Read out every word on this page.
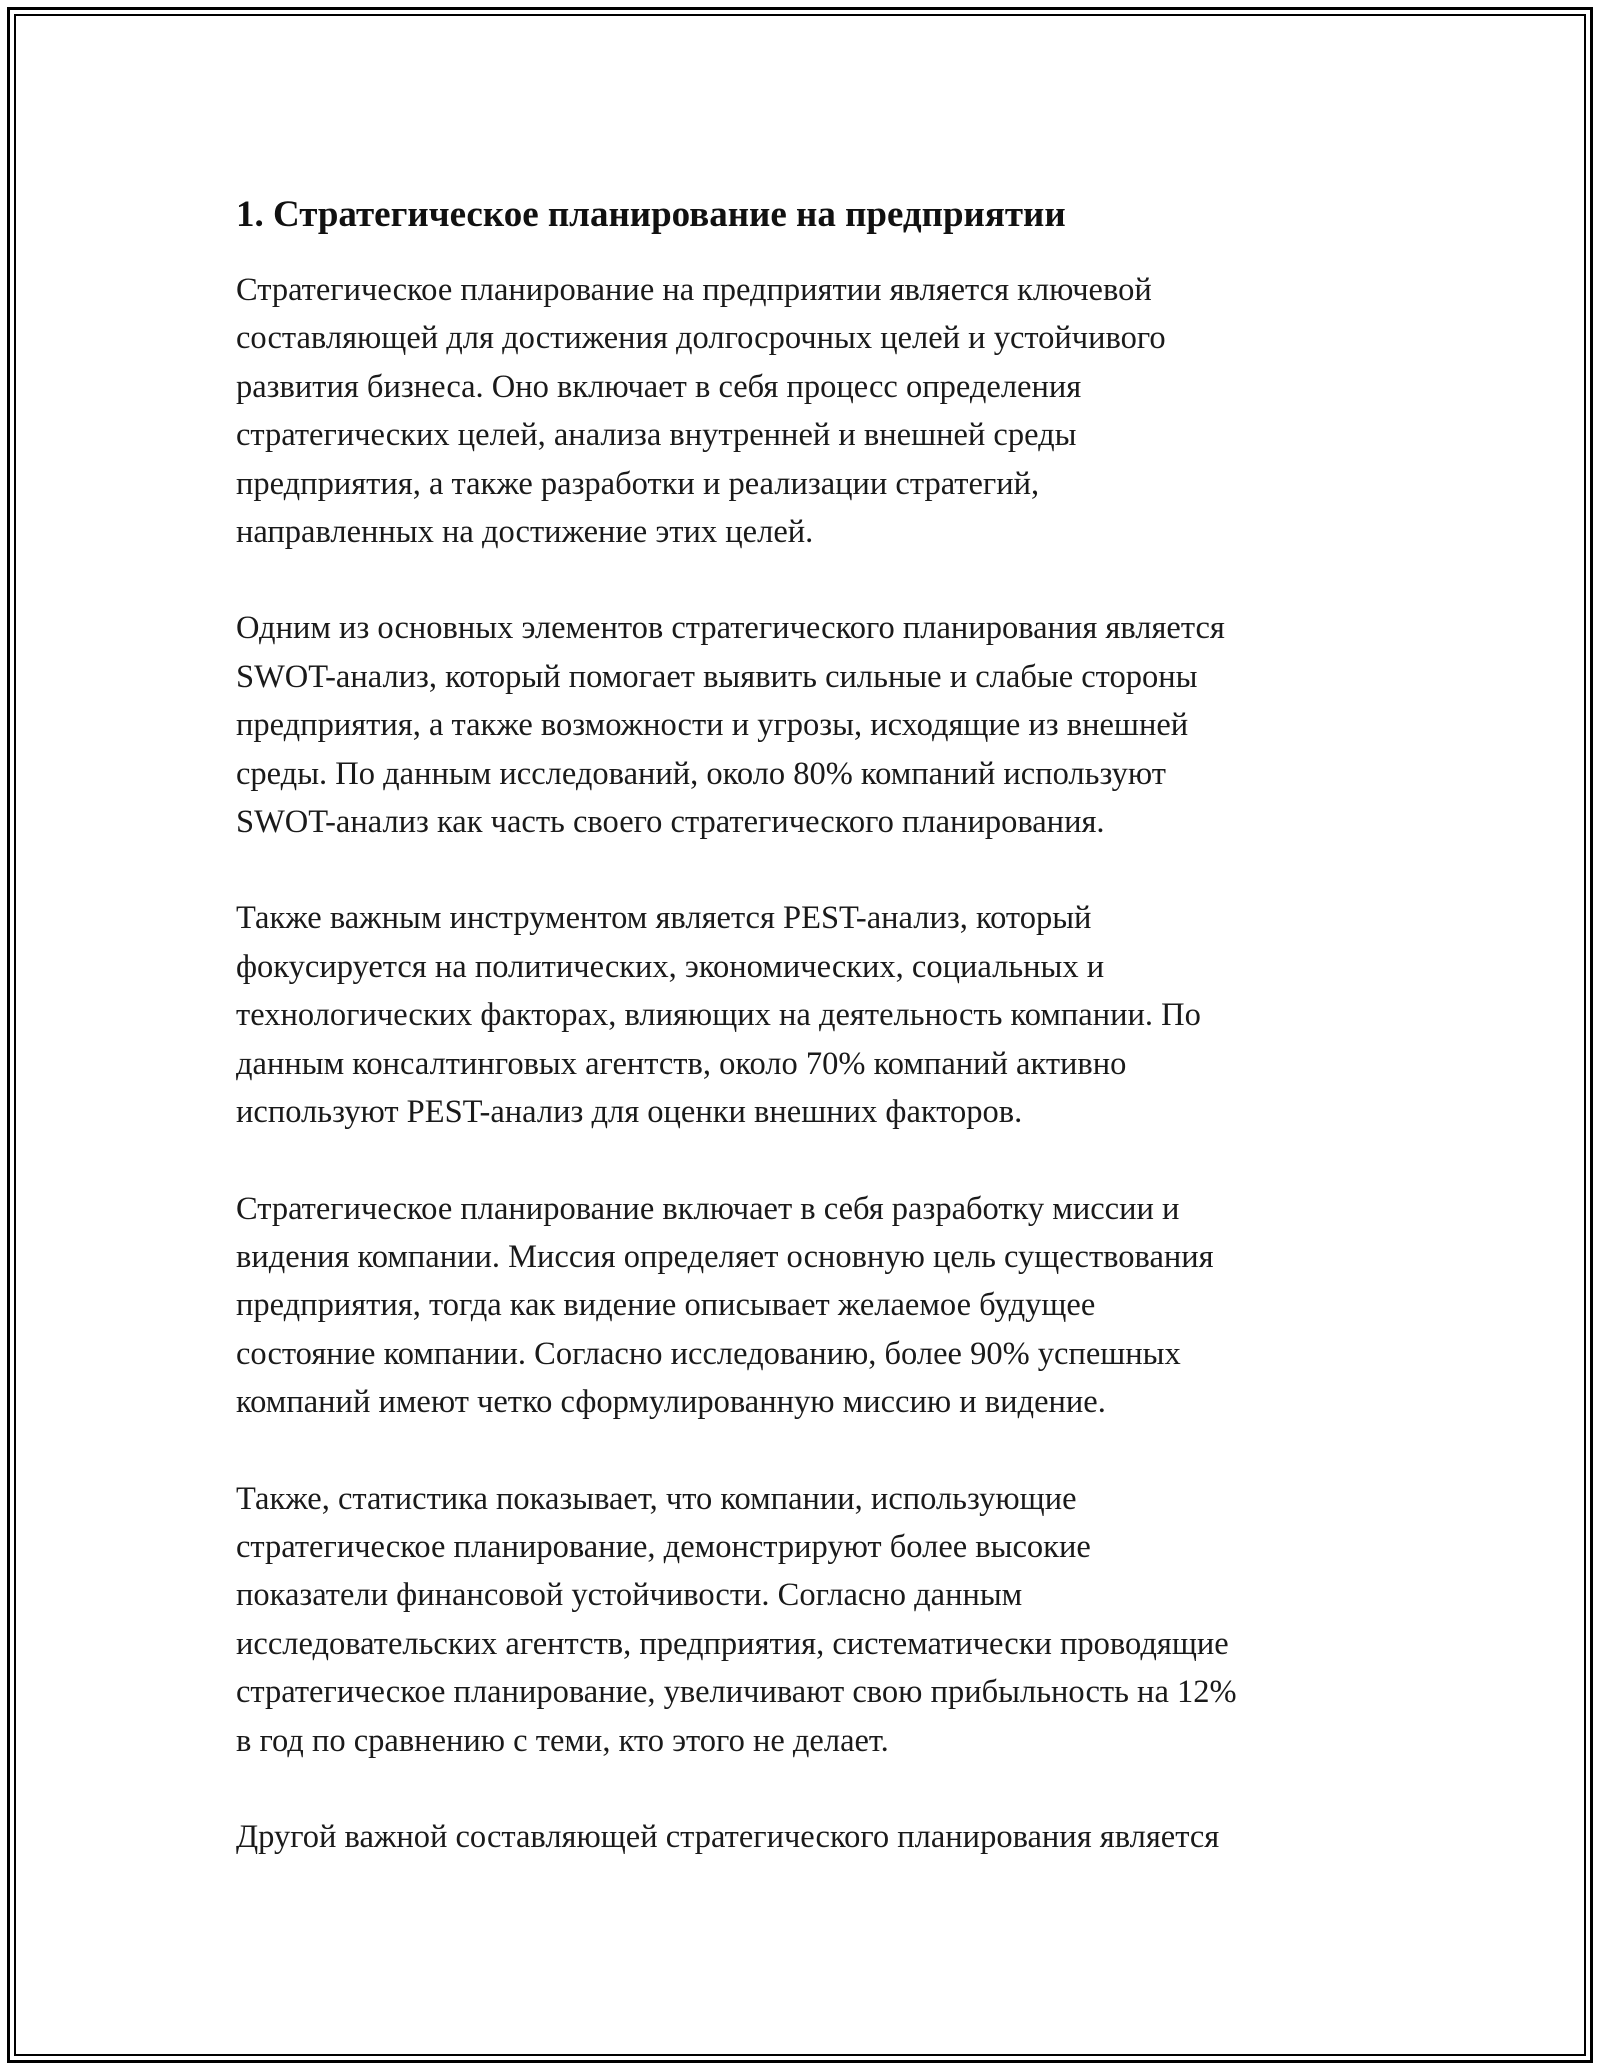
1. Стратегическое планирование на предприятии

Стратегическое планирование на предприятии является ключевой
составляющей для достижения долгосрочных целей и устойчивого
развития бизнеса. Оно включает в себя процесс определения
стратегических целей, анализа внутренней и внешней среды
предприятия, а также разработки и реализации стратегий,
направленных на достижение этих целей.

Одним из основных элементов стратегического планирования является
SWOT-анализ, который помогает выявить сильные и слабые стороны
предприятия, а также возможности и угрозы, исходящие из внешней
среды. По данным исследований, около 80% компаний используют
SWOT-анализ как часть своего стратегического планирования.

Также важным инструментом является PEST-анализ, который
фокусируется на политических, экономических, социальных и
технологических факторах, влияющих на деятельность компании. По
данным консалтинговых агентств, около 70% компаний активно
используют PEST-анализ для оценки внешних факторов.

Стратегическое планирование включает в себя разработку миссии и
видения компании. Миссия определяет основную цель существования
предприятия, тогда как видение описывает желаемое будущее
состояние компании. Согласно исследованию, более 90% успешных
компаний имеют четко сформулированную миссию и видение.

Также, статистика показывает, что компании, использующие
стратегическое планирование, демонстрируют более высокие
показатели финансовой устойчивости. Согласно данным
исследовательских агентств, предприятия, систематически проводящие
стратегическое планирование, увеличивают свою прибыльность на 12%
в год по сравнению с теми, кто этого не делает.

Другой важной составляющей стратегического планирования является
